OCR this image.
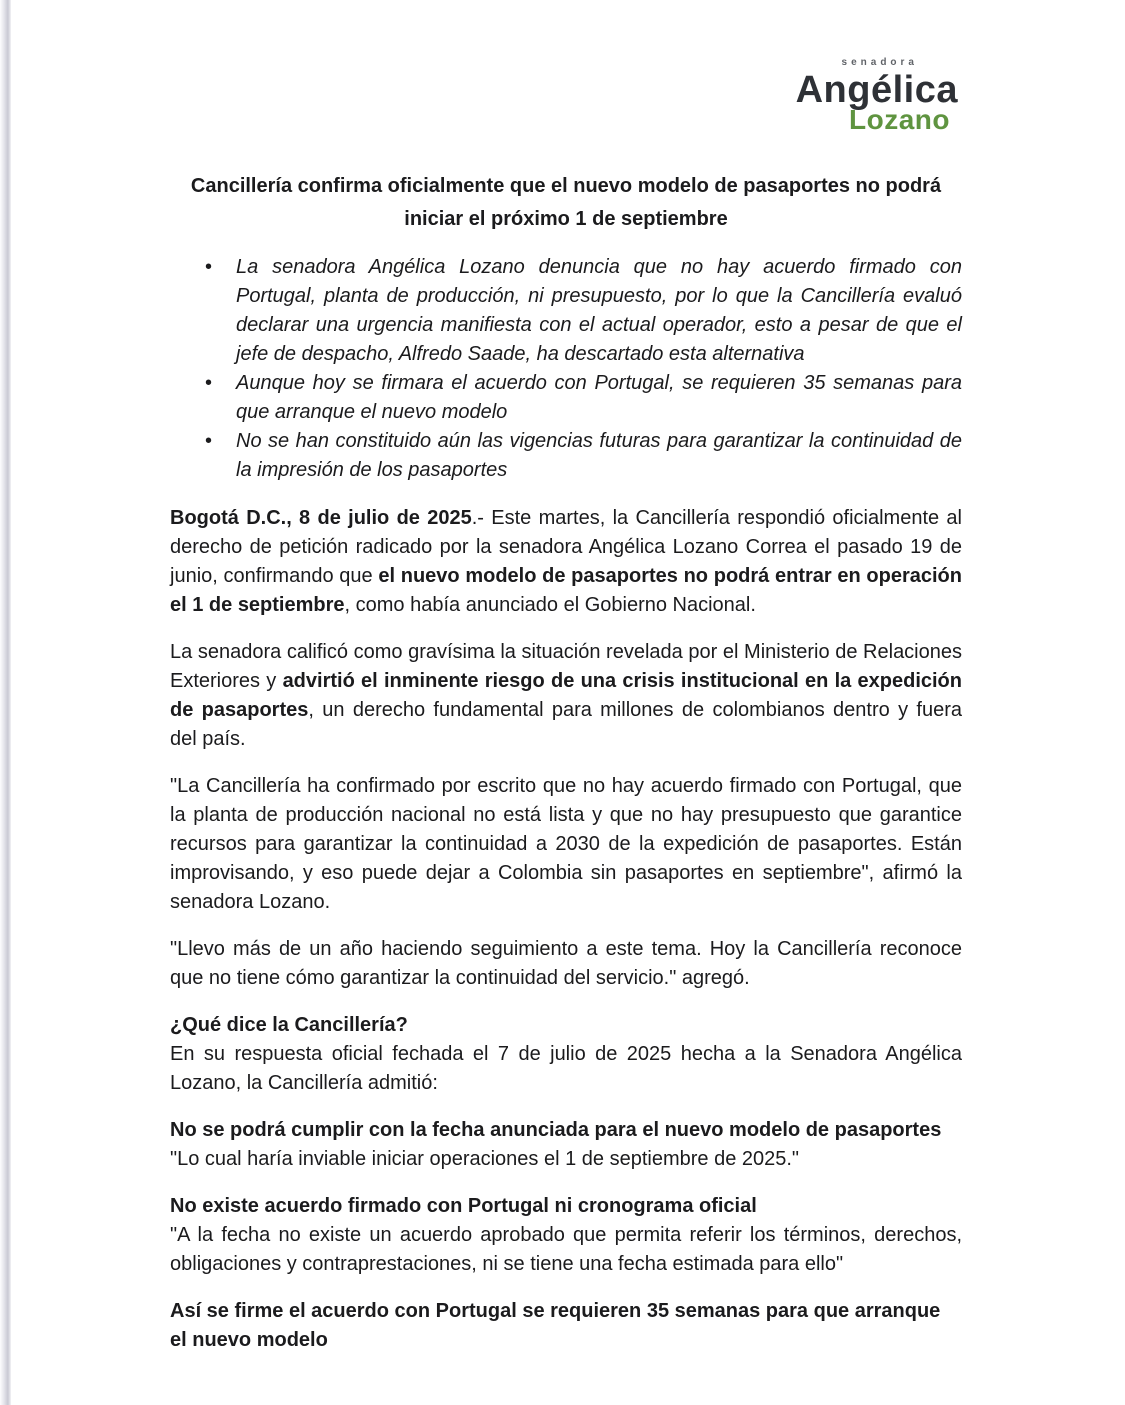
senadora
Angélica
Lozano
Cancillería confirma oficialmente que el nuevo modelo de pasaportes no podrá iniciar el próximo 1 de septiembre
• La senadora Angélica Lozano denuncia que no hay acuerdo firmado con Portugal, planta de producción, ni presupuesto, por lo que la Cancillería evaluó declarar una urgencia manifiesta con el actual operador, esto a pesar de que el jefe de despacho, Alfredo Saade, ha descartado esta alternativa
• Aunque hoy se firmara el acuerdo con Portugal, se requieren 35 semanas para que arranque el nuevo modelo
• No se han constituido aún las vigencias futuras para garantizar la continuidad de la impresión de los pasaportes

Bogotá D.C., 8 de julio de 2025.- Este martes, la Cancillería respondió oficialmente al derecho de petición radicado por la senadora Angélica Lozano Correa el pasado 19 de junio, confirmando que el nuevo modelo de pasaportes no podrá entrar en operación el 1 de septiembre, como había anunciado el Gobierno Nacional.

La senadora calificó como gravísima la situación revelada por el Ministerio de Relaciones Exteriores y advirtió el inminente riesgo de una crisis institucional en la expedición de pasaportes, un derecho fundamental para millones de colombianos dentro y fuera del país.

"La Cancillería ha confirmado por escrito que no hay acuerdo firmado con Portugal, que la planta de producción nacional no está lista y que no hay presupuesto que garantice recursos para garantizar la continuidad a 2030 de la expedición de pasaportes. Están improvisando, y eso puede dejar a Colombia sin pasaportes en septiembre", afirmó la senadora Lozano.

"Llevo más de un año haciendo seguimiento a este tema. Hoy la Cancillería reconoce que no tiene cómo garantizar la continuidad del servicio." agregó.

¿Qué dice la Cancillería?
En su respuesta oficial fechada el 7 de julio de 2025 hecha a la Senadora Angélica Lozano, la Cancillería admitió:

No se podrá cumplir con la fecha anunciada para el nuevo modelo de pasaportes
"Lo cual haría inviable iniciar operaciones el 1 de septiembre de 2025."

No existe acuerdo firmado con Portugal ni cronograma oficial
"A la fecha no existe un acuerdo aprobado que permita referir los términos, derechos, obligaciones y contraprestaciones, ni se tiene una fecha estimada para ello"

Así se firme el acuerdo con Portugal se requieren 35 semanas para que arranque el nuevo modelo
